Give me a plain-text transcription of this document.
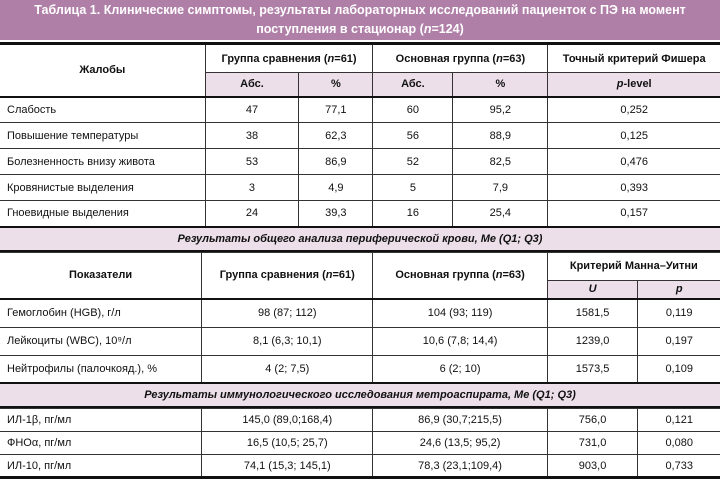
Таблица 1. Клинические симптомы, результаты лабораторных исследований пациенток с ПЭ на момент поступления в стационар (n=124)
Жалобы	Группа сравнения (n=61)		Основная группа (n=63)		Точный критерий Фишера
	Абс.	%	Абс.	%	p-level
Слабость	47	77,1	60	95,2	0,252
Повышение температуры	38	62,3	56	88,9	0,125
Болезненность внизу живота	53	86,9	52	82,5	0,476
Кровянистые выделения	3	4,9	5	7,9	0,393
Гноевидные выделения	24	39,3	16	25,4	0,157
Результаты общего анализа периферической крови, Ме (Q1; Q3)
Показатели	Группа сравнения (n=61)	Основная группа (n=63)	Критерий Манна–Уитни	
			U	p
Гемоглобин (HGB), г/л	98 (87; 112)	104 (93; 119)	1581,5	0,119
Лейкоциты (WBC), 10⁹/л	8,1 (6,3; 10,1)	10,6 (7,8; 14,4)	1239,0	0,197
Нейтрофилы (палочкояд.), %	4 (2; 7,5)	6 (2; 10)	1573,5	0,109
Результаты иммунологического исследования метроаспирата, Ме (Q1; Q3)
ИЛ-1β, пг/мл	145,0 (89,0;168,4)	86,9 (30,7;215,5)	756,0	0,121
ФНОα, пг/мл	16,5 (10,5; 25,7)	24,6 (13,5; 95,2)	731,0	0,080
ИЛ-10, пг/мл	74,1 (15,3; 145,1)	78,3 (23,1;109,4)	903,0	0,733
